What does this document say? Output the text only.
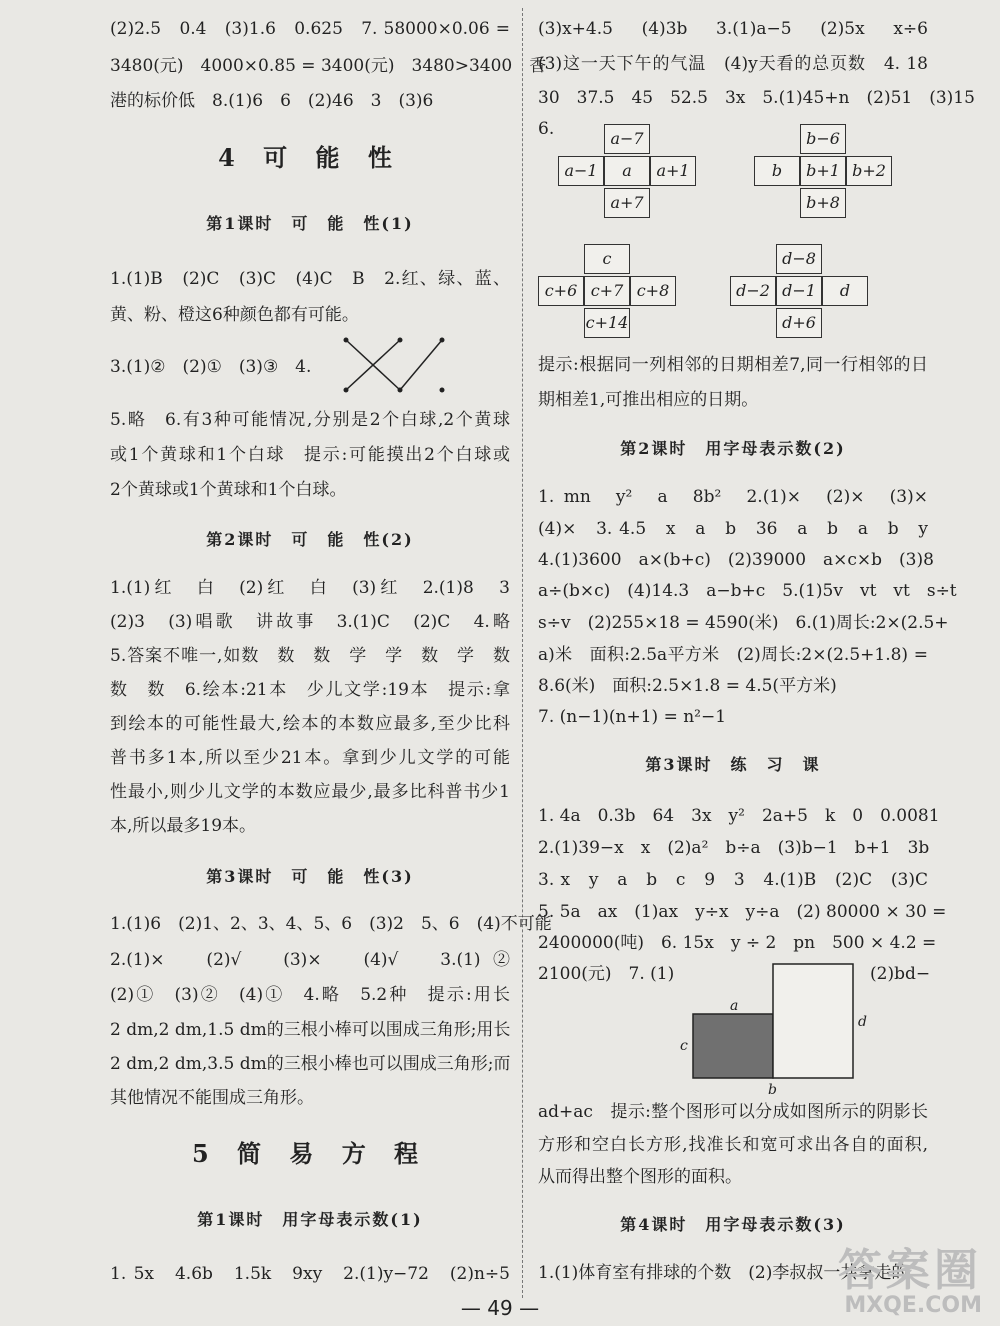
(2)2.5　0.4　(3)1.6　0.625　7. 58000×0.06 =
3480(元)　4000×0.85 = 3400(元)　3480>3400　香
港的标价低　8.(1)6　6　(2)46　3　(3)6
4 可 能 性
第1课时　可　能　性(1)
1.(1)B　(2)C　(3)C　(4)C　B　2.红、绿、蓝、
黄、粉、橙这6种颜色都有可能。
3.(1)②　(2)①　(3)③　4.
5.略　6.有3种可能情况,分别是2个白球,2个黄球
或1个黄球和1个白球　提示:可能摸出2个白球或
2个黄球或1个黄球和1个白球。
第2课时　可　能　性(2)
1.(1)红　白　(2)红　白　(3)红　2.(1)8　3
(2)3　(3)唱歌　讲故事　3.(1)C　(2)C　4.略
5.答案不唯一,如数　数　数　学　学　数　学　数
数　数　6.绘本:21本　少儿文学:19本　提示:拿
到绘本的可能性最大,绘本的本数应最多,至少比科
普书多1本,所以至少21本。拿到少儿文学的可能
性最小,则少儿文学的本数应最少,最多比科普书少1
本,所以最多19本。
第3课时　可　能　性(3)
1.(1)6　(2)1、2、3、4、5、6　(3)2　5、6　(4)不可能
2.(1)×　(2)√　(3)×　(4)√　3.(1)②
(2)①　(3)②　(4)①　4.略　5.2种　提示:用长
2 dm,2 dm,1.5 dm的三根小棒可以围成三角形;用长
2 dm,2 dm,3.5 dm的三根小棒也可以围成三角形;而
其他情况不能围成三角形。
5 简 易 方 程
第1课时　用字母表示数(1)
1. 5x　4.6b　1.5k　9xy　2.(1)y−72　(2)n÷5
(3)x+4.5　(4)3b　3.(1)a−5　(2)5x　x÷6
(3)这一天下午的气温　(4)y天看的总页数　4. 18
30　37.5　45　52.5　3x　5.(1)45+n　(2)51　(3)15
6.	a−7
a−1	a	a+1
a+7
b−6
b	b+1 b+2
b+8
c
c+6 c+7 c+8
c+14
d−8
d−2 d−1	d
d+6
提示:根据同一列相邻的日期相差7,同一行相邻的日
期相差1,可推出相应的日期。
第2课时　用字母表示数(2)
1. mn　y²　a　8b²　2.(1)×　(2)×　(3)×
(4)×　3. 4.5　x　a　b　36　a　b　a　b　y
4.(1)3600　a×(b+c)　(2)39000　a×c×b　(3)8
a÷(b×c)　(4)14.3　a−b+c　5.(1)5v　vt　vt　s÷t
s÷v　(2)255×18 = 4590(米)　6.(1)周长:2×(2.5+
a)米　面积:2.5a平方米　(2)周长:2×(2.5+1.8) =
8.6(米)　面积:2.5×1.8 = 4.5(平方米)
7. (n−1)(n+1) = n²−1
第3课时　练　习　课
1. 4a　0.3b　64　3x　y²　2a+5　k　0　0.0081
2.(1)39−x　x　(2)a²　b÷a　(3)b−1　b+1　3b
3. x　y　a　b　c　9　3　4.(1)B　(2)C　(3)C
5. 5a　ax　(1)ax　y÷x　y÷a　(2) 80000 × 30 =
2400000(吨)　6. 15x　y ÷ 2　pn　500 × 4.2 =
2100(元)　7. (1)	(2)bd−
a
c
b
d
ad+ac　提示:整个图形可以分成如图所示的阴影长
方形和空白长方形,找准长和宽可求出各自的面积,
从而得出整个图形的面积。
第4课时　用字母表示数(3)
1.(1)体育室有排球的个数　(2)李叔叔一共拿走的
— 49 —
答案圈
MXQE.COM
